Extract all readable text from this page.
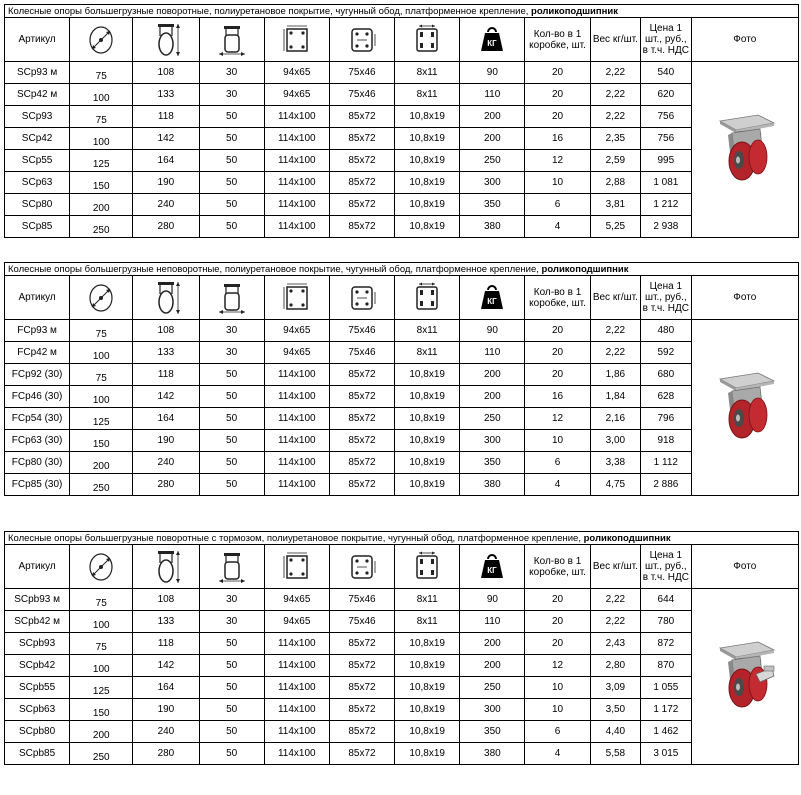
Колесные опоры большегрузные поворотные, полиуретановое покрытие, чугунный обод, платформенное крепление, роликоподшипник											
Артикул							КГ	Кол-во в 1 коробке, шт.	Вес кг/шт.	Цена 1 шт., руб., в т.ч. НДС	Фото
SCp93 м	75	108	30	94x65	75x46	8x11	90	20	2,22	540	
SCp42 м	100	133	30	94x65	75x46	8x11	110	20	2,22	620	
SCp93	75	118	50	114x100	85x72	10,8x19	200	20	2,22	756	
SCp42	100	142	50	114x100	85x72	10,8x19	200	16	2,35	756	
SCp55	125	164	50	114x100	85x72	10,8x19	250	12	2,59	995	
SCp63	150	190	50	114x100	85x72	10,8x19	300	10	2,88	1 081	
SCp80	200	240	50	114x100	85x72	10,8x19	350	6	3,81	1 212	
SCp85	250	280	50	114x100	85x72	10,8x19	380	4	5,25	2 938	
Колесные опоры большегрузные неповоротные, полиуретановое покрытие, чугунный обод, платформенное крепление, роликоподшипник											
Артикул							КГ	Кол-во в 1 коробке, шт.	Вес кг/шт.	Цена 1 шт., руб., в т.ч. НДС	Фото
FCp93 м	75	108	30	94x65	75x46	8x11	90	20	2,22	480	
FCp42 м	100	133	30	94x65	75x46	8x11	110	20	2,22	592	
FCp92 (30)	75	118	50	114x100	85x72	10,8x19	200	20	1,86	680	
FCp46 (30)	100	142	50	114x100	85x72	10,8x19	200	16	1,84	628	
FCp54 (30)	125	164	50	114x100	85x72	10,8x19	250	12	2,16	796	
FCp63 (30)	150	190	50	114x100	85x72	10,8x19	300	10	3,00	918	
FCp80 (30)	200	240	50	114x100	85x72	10,8x19	350	6	3,38	1 112	
FCp85 (30)	250	280	50	114x100	85x72	10,8x19	380	4	4,75	2 886	
Колесные опоры большегрузные поворотные с тормозом, полиуретановое покрытие, чугунный обод, платформенное крепление, роликоподшипник											
Артикул							КГ	Кол-во в 1 коробке, шт.	Вес кг/шт.	Цена 1 шт., руб., в т.ч. НДС	Фото
SCpb93 м	75	108	30	94x65	75x46	8x11	90	20	2,22	644	
SCpb42 м	100	133	30	94x65	75x46	8x11	110	20	2,22	780	
SCpb93	75	118	50	114x100	85x72	10,8x19	200	20	2,43	872	
SCpb42	100	142	50	114x100	85x72	10,8x19	200	12	2,80	870	
SCpb55	125	164	50	114x100	85x72	10,8x19	250	10	3,09	1 055	
SCpb63	150	190	50	114x100	85x72	10,8x19	300	10	3,50	1 172	
SCpb80	200	240	50	114x100	85x72	10,8x19	350	6	4,40	1 462	
SCpb85	250	280	50	114x100	85x72	10,8x19	380	4	5,58	3 015	
